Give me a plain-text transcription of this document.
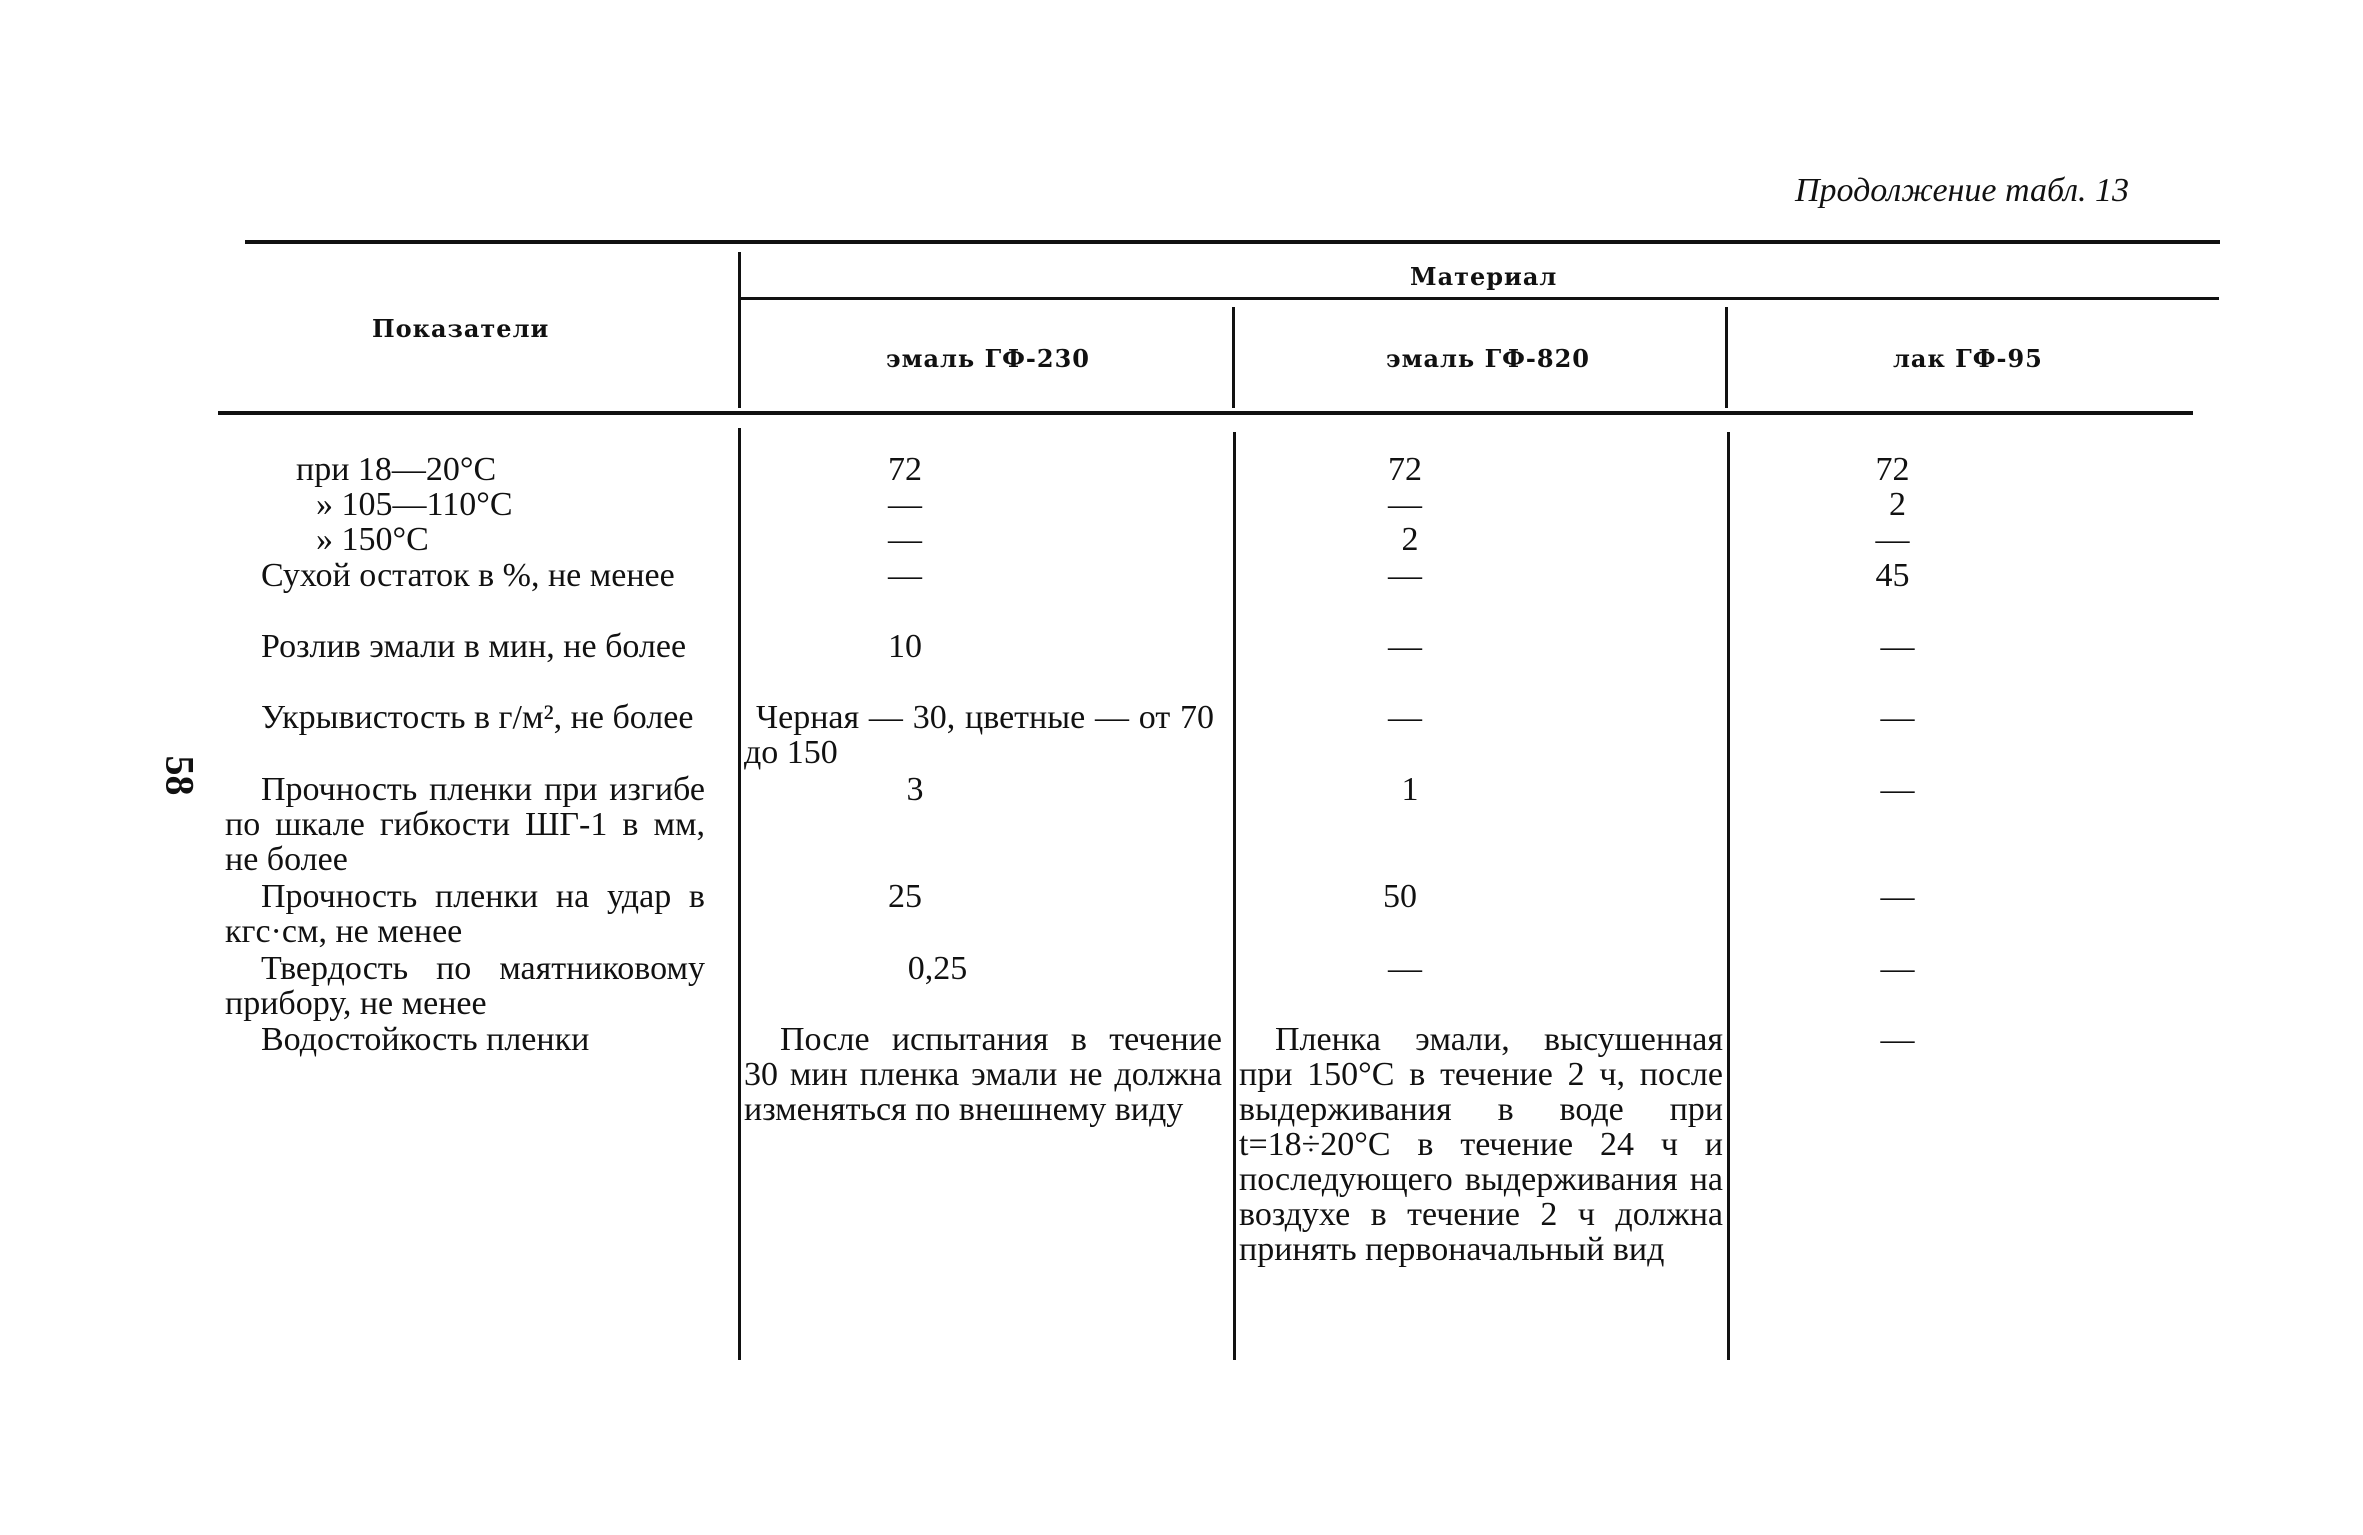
Продолжение табл. 13
58
Показатели
Материал
эмаль ГФ-230	эмаль ГФ-820	лак ГФ-95
при 18—20°С
» 105—110°С
» 150°С
Сухой остаток в %, не менее
Розлив эмали в мин, не более
Укрывистость в г/м², не более
Прочность пленки при изгибе по шкале гибкости ШГ-1 в мм, не более
Прочность пленки на удар в кгс·см, не менее
Твердость по маятниковому прибору, не менее
Водостойкость пленки
72
—
—
—
10
Черная — 30, цветные — от 70 до 150
3
25
0,25
После испытания в течение 30 мин пленка эмали не должна изменяться по внешнему виду
72
—
2
—
—
—
1
50
—
Пленка эмали, высушенная при 150°С в течение 2 ч, после выдерживания в воде при t=18÷20°С в течение 24 ч и последующего выдерживания на воздухе в течение 2 ч должна принять первоначальный вид
72
2
—
45
—
—
—
—
—
—
